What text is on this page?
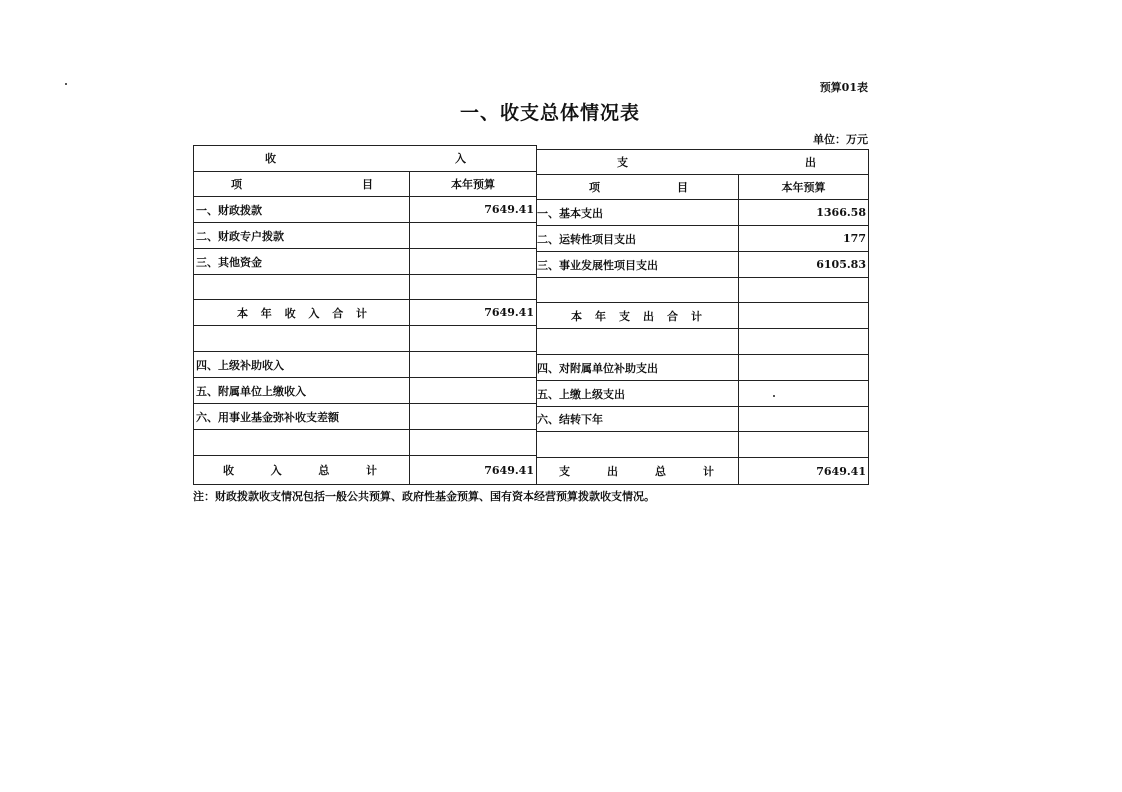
预算01表
一、收支总体情况表
单位：万元
收	入
项	目	本年预算
一、财政拨款	7649.41
二、财政专户拨款
三、其他资金
本 年 收 入 合 计	7649.41
四、上级补助收入
五、附属单位上缴收入
六、用事业基金弥补收支差额
收	入	总	计	7649.41
支	出
项	目	本年预算
一、基本支出	1366.58
二、运转性项目支出	177
三、事业发展性项目支出	6105.83
本 年 支 出 合 计
四、对附属单位补助支出
五、上缴上级支出
六、结转下年
支	出	总	计	7649.41
注：财政拨款收支情况包括一般公共预算、政府性基金预算、国有资本经营预算拨款收支情况。
